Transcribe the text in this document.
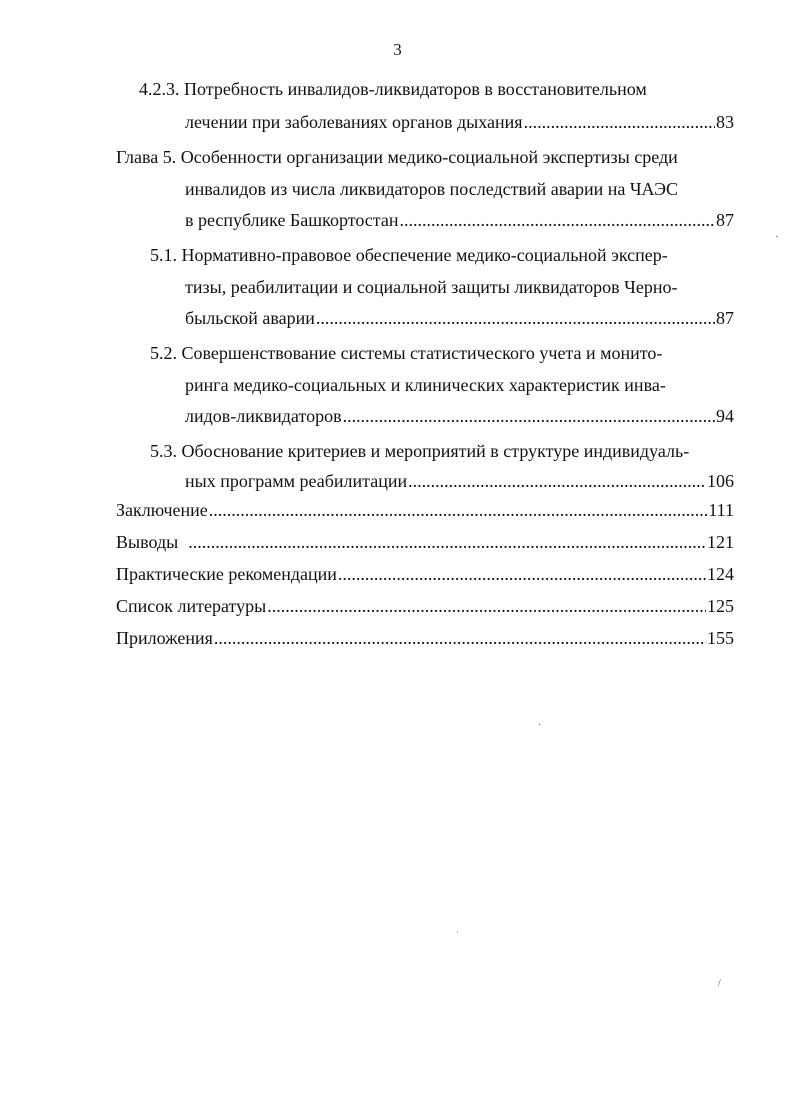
3
4.2.3. Потребность инвалидов-ликвидаторов в восстановительном
лечении при заболеваниях органов дыхания .....	83
Глава 5. Особенности организации медико-социальной экспертизы среди
инвалидов из числа ликвидаторов последствий аварии на ЧАЭС
в республике Башкортостан .....	87
5.1. Нормативно-правовое обеспечение медико-социальной экспер-
тизы, реабилитации и социальной защиты ликвидаторов Черно-
быльской аварии .....	87
5.2. Совершенствование системы статистического учета и монито-
ринга медико-социальных и клинических характеристик инва-
лидов-ликвидаторов .....	94
5.3. Обоснование критериев и мероприятий в структуре индивидуаль-
ных программ реабилитации .....	106
Заключение .....	111
Выводы .....	121
Практические рекомендации .....	124
Список литературы .....	125
Приложения .....	155
·
ˈ
/
·
